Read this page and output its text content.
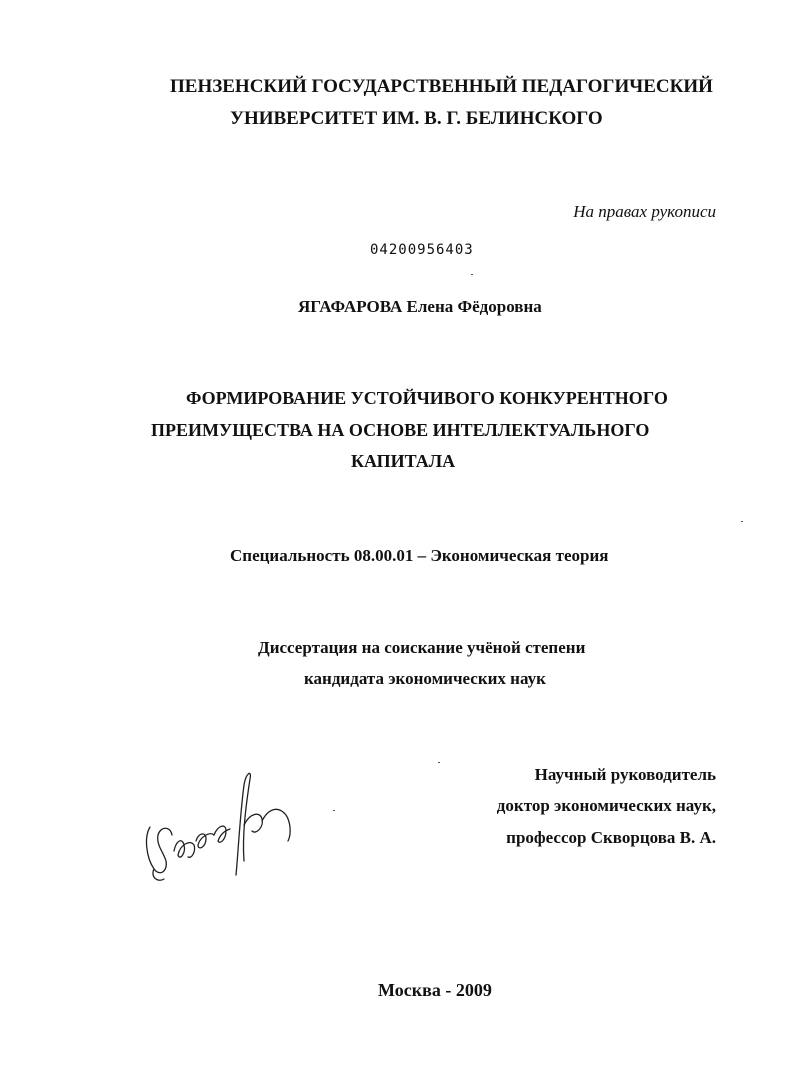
ПЕНЗЕНСКИЙ ГОСУДАРСТВЕННЫЙ ПЕДАГОГИЧЕСКИЙ
УНИВЕРСИТЕТ ИМ. В. Г. БЕЛИНСКОГО
На правах рукописи
04200956403
ЯГАФАРОВА Елена Фёдоровна
ФОРМИРОВАНИЕ УСТОЙЧИВОГО КОНКУРЕНТНОГО
ПРЕИМУЩЕСТВА НА ОСНОВЕ ИНТЕЛЛЕКТУАЛЬНОГО
КАПИТАЛА
Специальность 08.00.01 – Экономическая теория
Диссертация на соискание учёной степени
кандидата экономических наук
Научный руководитель
доктор экономических наук,
профессор Скворцова В. А.
Москва - 2009
